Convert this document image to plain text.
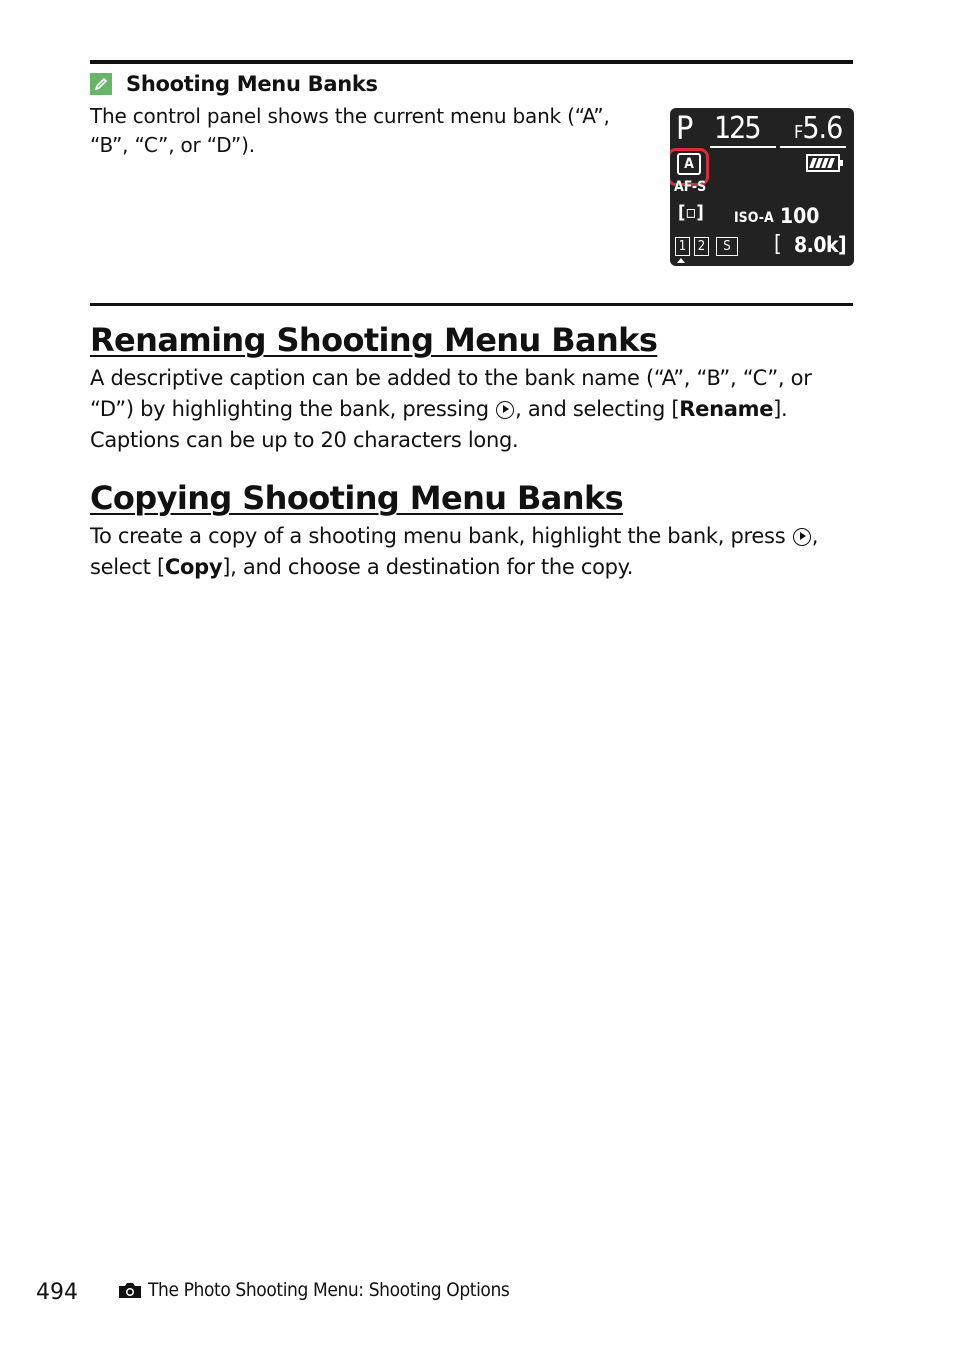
Shooting Menu Banks
The control panel shows the current menu bank (“A”, “B”, “C”, or “D”).	P 125 F5.6
A
AF-S
[▫] ISO-A 100
1 2	S	[ 8.0k]
Renaming Shooting Menu Banks

A descriptive caption can be added to the bank name (“A”, “B”, “C”, or “D”) by highlighting the bank, pressing , and selecting [Rename]. Captions can be up to 20 characters long.

Copying Shooting Menu Banks

To create a copy of a shooting menu bank, highlight the bank, press , select [Copy], and choose a destination for the copy.

494	The Photo Shooting Menu: Shooting Options
